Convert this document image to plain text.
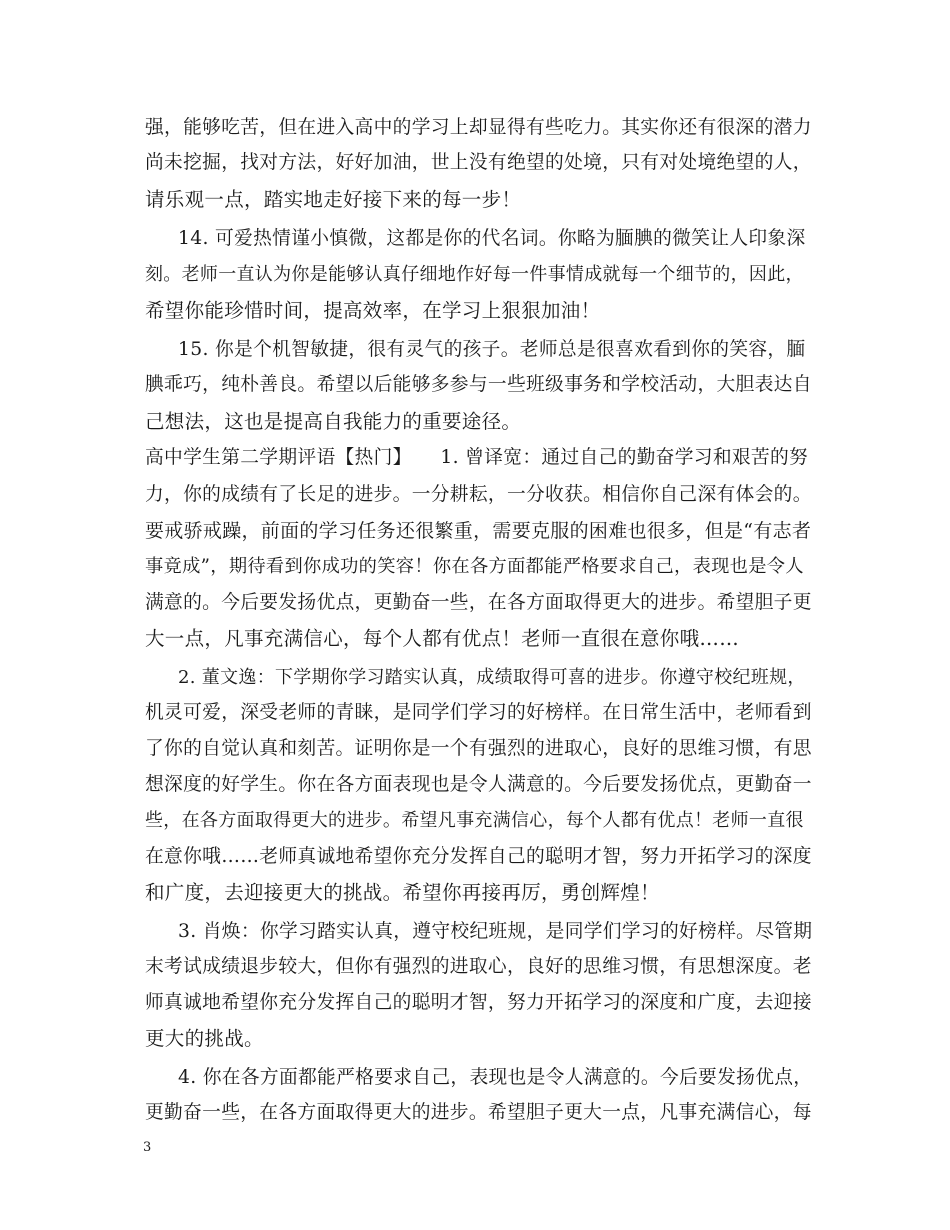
强，能够吃苦，但在进入高中的学习上却显得有些吃力。其实你还有很深的潜力
尚未挖掘，找对方法，好好加油，世上没有绝望的处境，只有对处境绝望的人，
请乐观一点，踏实地走好接下来的每一步！
14. 可爱热情谨小慎微，这都是你的代名词。你略为腼腆的微笑让人印象深
刻。老师一直认为你是能够认真仔细地作好每一件事情成就每一个细节的，因此，
希望你能珍惜时间，提高效率，在学习上狠狠加油！
15. 你是个机智敏捷，很有灵气的孩子。老师总是很喜欢看到你的笑容，腼
腆乖巧，纯朴善良。希望以后能够多参与一些班级事务和学校活动，大胆表达自
己想法，这也是提高自我能力的重要途径。
高中学生第二学期评语【热门】　　1. 曾译宽：通过自己的勤奋学习和艰苦的努
力，你的成绩有了长足的进步。一分耕耘，一分收获。相信你自己深有体会的。
要戒骄戒躁，前面的学习任务还很繁重，需要克服的困难也很多，但是“有志者
事竟成”，期待看到你成功的笑容！你在各方面都能严格要求自己，表现也是令人
满意的。今后要发扬优点，更勤奋一些，在各方面取得更大的进步。希望胆子更
大一点，凡事充满信心，每个人都有优点！老师一直很在意你哦……
2. 董文逸：下学期你学习踏实认真，成绩取得可喜的进步。你遵守校纪班规，
机灵可爱，深受老师的青睐，是同学们学习的好榜样。在日常生活中，老师看到
了你的自觉认真和刻苦。证明你是一个有强烈的进取心，良好的思维习惯，有思
想深度的好学生。你在各方面表现也是令人满意的。今后要发扬优点，更勤奋一
些，在各方面取得更大的进步。希望凡事充满信心，每个人都有优点！老师一直很
在意你哦……老师真诚地希望你充分发挥自己的聪明才智，努力开拓学习的深度
和广度，去迎接更大的挑战。希望你再接再厉，勇创辉煌！
3. 肖焕：你学习踏实认真，遵守校纪班规，是同学们学习的好榜样。尽管期
末考试成绩退步较大，但你有强烈的进取心，良好的思维习惯，有思想深度。老
师真诚地希望你充分发挥自己的聪明才智，努力开拓学习的深度和广度，去迎接
更大的挑战。
4. 你在各方面都能严格要求自己，表现也是令人满意的。今后要发扬优点，
更勤奋一些，在各方面取得更大的进步。希望胆子更大一点，凡事充满信心，每
3
